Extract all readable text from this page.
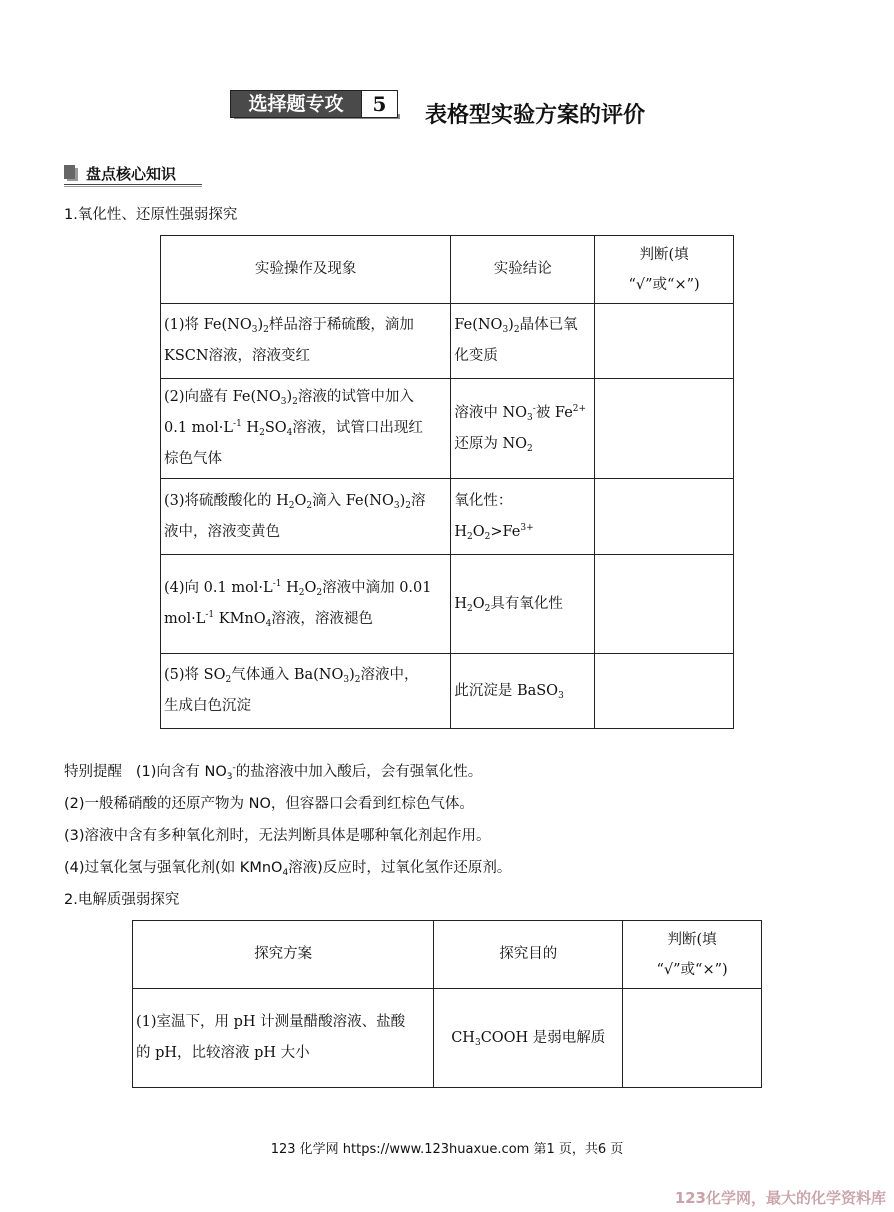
选择题专攻	5	表格型实验方案的评价
盘点核心知识
1.氧化性、还原性强弱探究
实验操作及现象	实验结论	判断(填
“√”或“×”)
(1)将 $Fe(NO_3)_2$样品溶于稀硫酸，滴加
KSCN溶液，溶液变红	$Fe(NO_3)_2$晶体已氧
化变质	
(2)向盛有 $Fe(NO_3)_2$溶液的试管中加入
0.1 $mol\cdot L^{-1}$ $H_2SO_4$溶液，试管口出现红
棕色气体	溶液中 $NO_3^-$被 $Fe^{2+}$
还原为 $NO_2$	
(3)将硫酸酸化的 $H_2O_2$滴入 $Fe(NO_3)_2$溶
液中，溶液变黄色	氧化性：$H_2O_2>Fe^{3+}$	
(4)向 0.1 $mol\cdot L^{-1}$ $H_2O_2$溶液中滴加 0.01
$mol\cdot L^{-1}$ KMnO$_4$溶液，溶液褪色	$H_2O_2$具有氧化性	
(5)将 $SO_2$气体通入 $Ba(NO_3)_2$溶液中，
生成白色沉淀	此沉淀是 BaSO$_3$	
特别提醒 (1)向含有 $NO_3^-$的盐溶液中加入酸后，会有强氧化性。
(2)一般稀硝酸的还原产物为 NO，但容器口会看到红棕色气体。
(3)溶液中含有多种氧化剂时，无法判断具体是哪种氧化剂起作用。
(4)过氧化氢与强氧化剂(如 KMnO$_4$溶液)反应时，过氧化氢作还原剂。
2.电解质强弱探究
探究方案	探究目的	判断(填
“√”或“×”)
(1)室温下，用 pH 计测量醋酸溶液、盐酸
的 pH，比较溶液 pH 大小	$CH_3COOH$ 是弱电解质	
123 化学网 https://www.123huaxue.com 第1 页，共6 页
123化学网，最大的化学资料库
